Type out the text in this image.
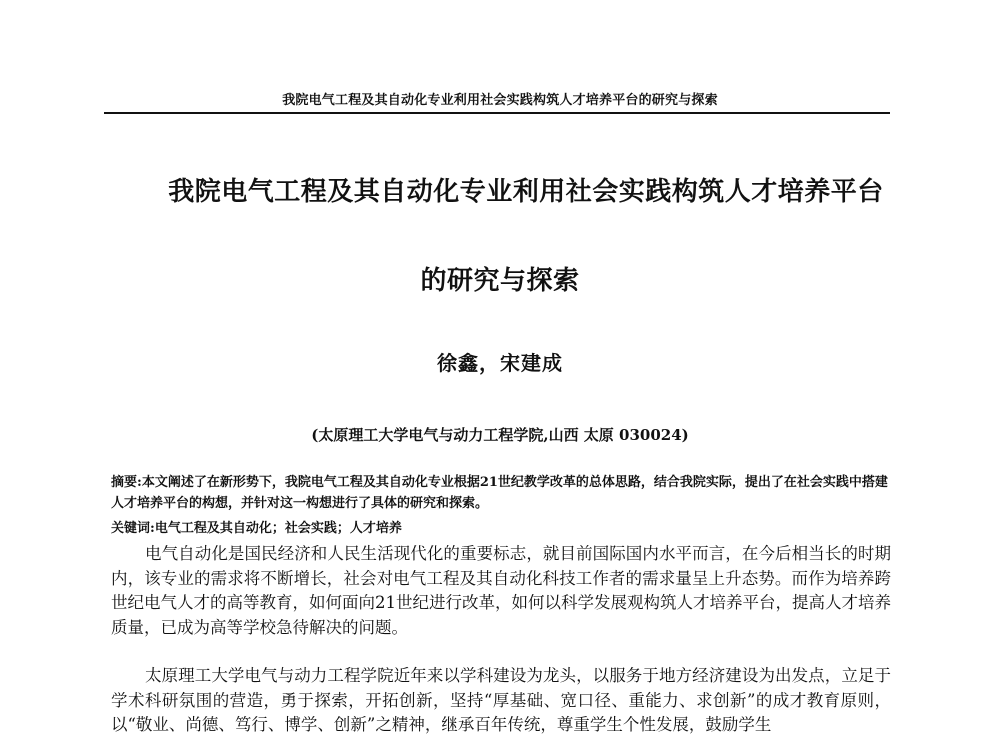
我院电气工程及其自动化专业利用社会实践构筑人才培养平台的研究与探索
我院电气工程及其自动化专业利用社会实践构筑人才培养平台
的研究与探索
徐鑫，宋建成
(太原理工大学电气与动力工程学院,山西 太原 030024)

摘要:本文阐述了在新形势下，我院电气工程及其自动化专业根据21世纪教学改革的总体思路，结合我院实际，提出了在社会实践中搭建人才培养平台的构想，并针对这一构想进行了具体的研究和探索。

关键词:电气工程及其自动化；社会实践；人才培养

电气自动化是国民经济和人民生活现代化的重要标志，就目前国际国内水平而言，在今后相当长的时期内，该专业的需求将不断增长，社会对电气工程及其自动化科技工作者的需求量呈上升态势。而作为培养跨世纪电气人才的高等教育，如何面向21世纪进行改革，如何以科学发展观构筑人才培养平台，提高人才培养质量，已成为高等学校急待解决的问题。

太原理工大学电气与动力工程学院近年来以学科建设为龙头，以服务于地方经济建设为出发点，立足于学术科研氛围的营造，勇于探索，开拓创新，坚持“厚基础、宽口径、重能力、求创新”的成才教育原则，以“敬业、尚德、笃行、博学、创新”之精神，继承百年传统，尊重学生个性发展，鼓励学生
